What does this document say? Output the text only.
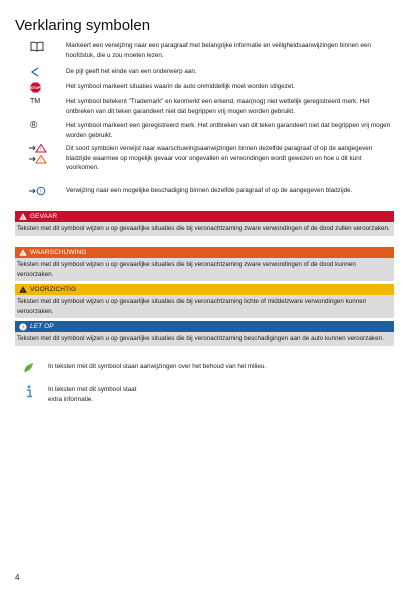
Verklaring symbolen
Markeert een verwijzing naar een paragraaf met belangrijke informatie en veiligheidsaanwijzingen binnen een hoofdstuk, die u zou moeten lezen.
De pijl geeft het einde van een onderwerp aan.
STOP	Het symbool markeert situaties waarin de auto onmiddellijk moet worden stilgezet.
TM	Het symbool betekent "Trademark" en kenmerkt een erkend, maar(nog) niet wettelijk geregistreerd merk. Het ontbreken van dit teken garandeert niet dat begrippen vrij mogen worden gebruikt.
®	Het symbool markeert een geregistreerd merk. Het ontbreken van dit teken garandeert niet dat begrippen vrij mogen worden gebruikt.
!
!
Dit soort symbolen verwijst naar waarschuwingsaanwijzingen binnen dezelfde paragraaf of op de aangegeven bladzijde waarmee op mogelijk gevaar voor ongevallen en verwondingen wordt gewezen en hoe u dit kunt voorkomen.
!	Verwijzing naar een mogelijke beschadiging binnen dezelfde paragraaf of op de aangegeven bladzijde.
! GEVAAR
Teksten met dit symbool wijzen u op gevaarlijke situaties die bij veronachtzaming zware verwondingen of de dood zullen veroorzaken.
! WAARSCHUWING
Teksten met dit symbool wijzen u op gevaarlijke situaties die bij veronachtzaming zware verwondingen of de dood kunnen veroorzaken.
! VOORZICHTIG
Teksten met dit symbool wijzen u op gevaarlijke situaties die bij veronachtzaming lichte of middelzware verwondingen kunnen veroorzaken.
! LET OP
Teksten met dit symbool wijzen u op gevaarlijke situaties die bij veronachtzaming beschadigingen aan de auto kunnen veroorzaken.
In teksten met dit symbool staan aanwijzingen over het behoud van het milieu.
In teksten met dit symbool staat extra informatie.
4
